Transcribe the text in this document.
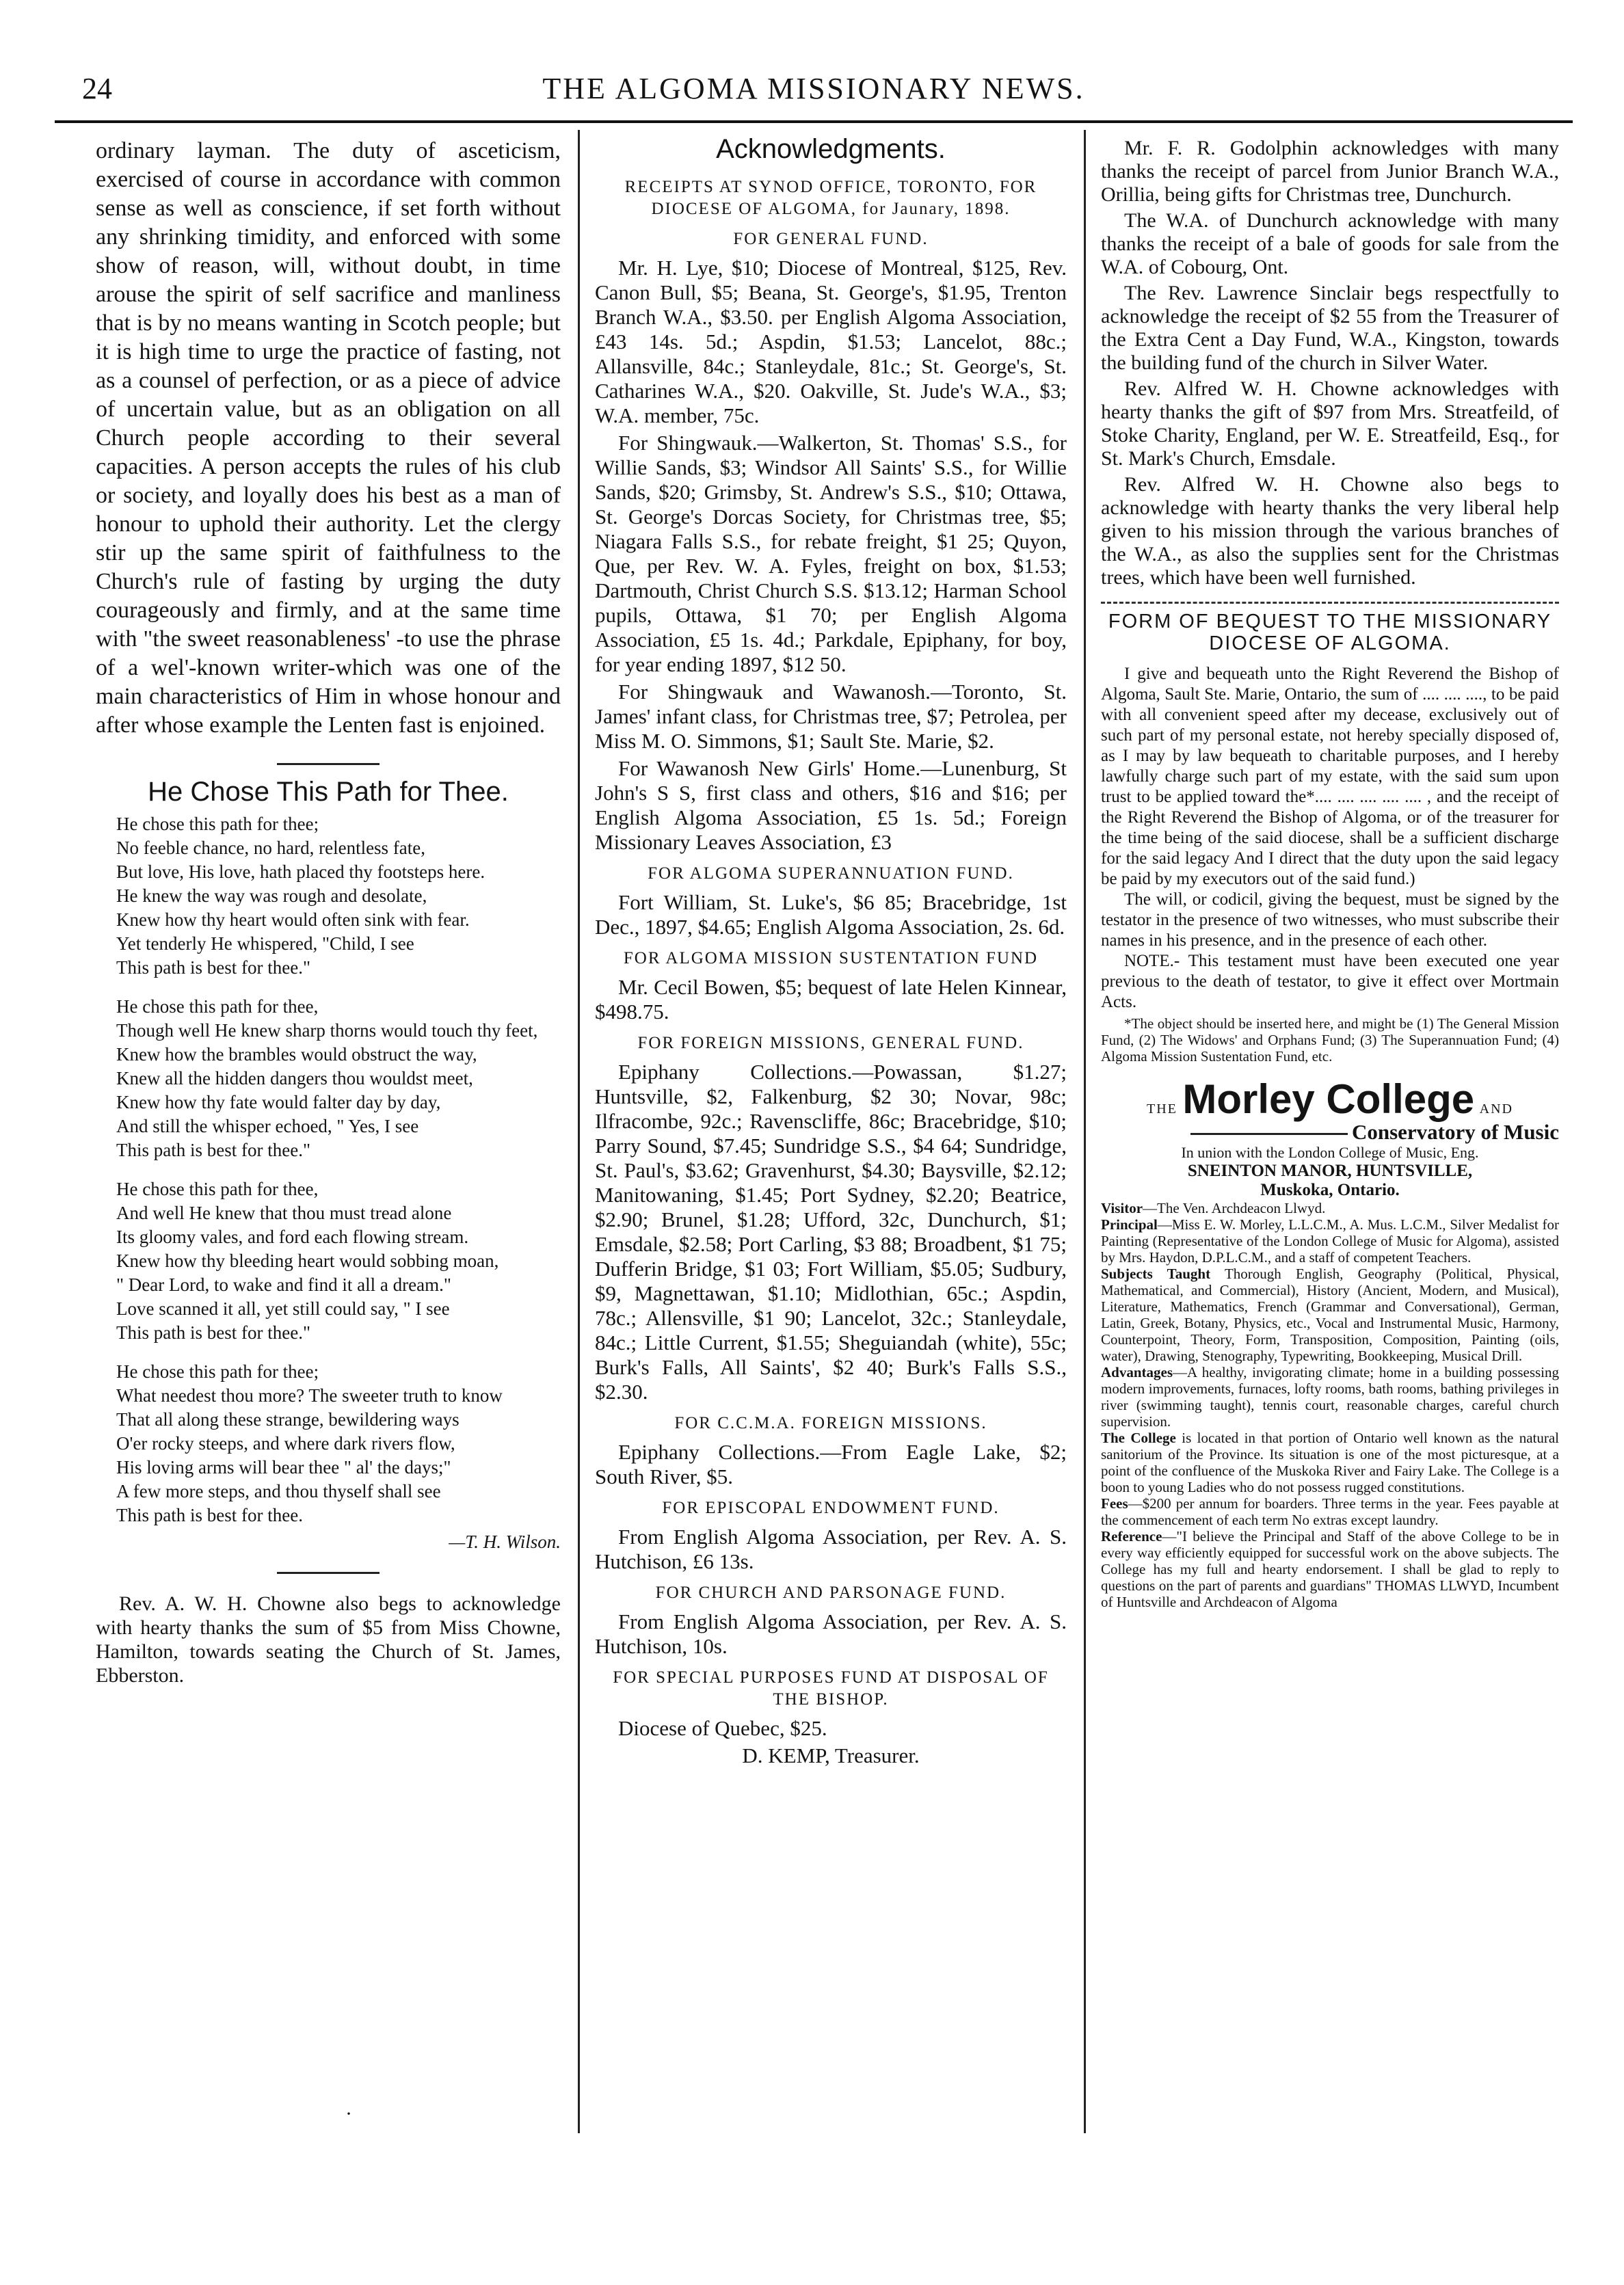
24	THE ALGOMA MISSIONARY NEWS.

ordinary layman. The duty of asceticism, exercised of course in accordance with common sense as well as conscience, if set forth without any shrinking timidity, and enforced with some show of reason, will, without doubt, in time arouse the spirit of self sacrifice and manliness that is by no means wanting in Scotch people; but it is high time to urge the practice of fasting, not as a counsel of perfection, or as a piece of advice of uncertain value, but as an obligation on all Church people according to their several capacities. A person accepts the rules of his club or society, and loyally does his best as a man of honour to uphold their authority. Let the clergy stir up the same spirit of faithfulness to the Church's rule of fasting by urging the duty courageously and firmly, and at the same time with "the sweet reasonableness' -to use the phrase of a wel'-known writer-which was one of the main characteristics of Him in whose honour and after whose example the Lenten fast is enjoined.

He Chose This Path for Thee.
He chose this path for thee;
No feeble chance, no hard, relentless fate,
But love, His love, hath placed thy footsteps here.
He knew the way was rough and desolate,
Knew how thy heart would often sink with fear.
Yet tenderly He whispered, "Child, I see
This path is best for thee."
He chose this path for thee,
Though well He knew sharp thorns would touch thy feet,
Knew how the brambles would obstruct the way,
Knew all the hidden dangers thou wouldst meet,
Knew how thy fate would falter day by day,
And still the whisper echoed, " Yes, I see
This path is best for thee."
He chose this path for thee,
And well He knew that thou must tread alone
Its gloomy vales, and ford each flowing stream.
Knew how thy bleeding heart would sobbing moan,
" Dear Lord, to wake and find it all a dream."
Love scanned it all, yet still could say, " I see
This path is best for thee."
He chose this path for thee;
What needest thou more? The sweeter truth to know
That all along these strange, bewildering ways
O'er rocky steeps, and where dark rivers flow,
His loving arms will bear thee " al' the days;"
A few more steps, and thou thyself shall see
This path is best for thee.
—T. H. Wilson.

Rev. A. W. H. Chowne also begs to acknowledge with hearty thanks the sum of $5 from Miss Chowne, Hamilton, towards seating the Church of St. James, Ebberston.

Acknowledgments.
RECEIPTS AT SYNOD OFFICE, TORONTO, FOR DIOCESE OF ALGOMA, for Jaunary, 1898.
FOR GENERAL FUND.

Mr. H. Lye, $10; Diocese of Montreal, $125, Rev. Canon Bull, $5; Beana, St. George's, $1.95, Trenton Branch W.A., $3.50. per English Algoma Association, £43 14s. 5d.; Aspdin, $1.53; Lancelot, 88c.; Allansville, 84c.; Stanleydale, 81c.; St. George's, St. Catharines W.A., $20. Oakville, St. Jude's W.A., $3; W.A. member, 75c.

For Shingwauk.—Walkerton, St. Thomas' S.S., for Willie Sands, $3; Windsor All Saints' S.S., for Willie Sands, $20; Grimsby, St. Andrew's S.S., $10; Ottawa, St. George's Dorcas Society, for Christmas tree, $5; Niagara Falls S.S., for rebate freight, $1 25; Quyon, Que, per Rev. W. A. Fyles, freight on box, $1.53; Dartmouth, Christ Church S.S. $13.12; Harman School pupils, Ottawa, $1 70; per English Algoma Association, £5 1s. 4d.; Parkdale, Epiphany, for boy, for year ending 1897, $12 50.

For Shingwauk and Wawanosh.—Toronto, St. James' infant class, for Christmas tree, $7; Petrolea, per Miss M. O. Simmons, $1; Sault Ste. Marie, $2.

For Wawanosh New Girls' Home.—Lunenburg, St John's S S, first class and others, $16 and $16; per English Algoma Association, £5 1s. 5d.; Foreign Missionary Leaves Association, £3

FOR ALGOMA SUPERANNUATION FUND.

Fort William, St. Luke's, $6 85; Bracebridge, 1st Dec., 1897, $4.65; English Algoma Association, 2s. 6d.

FOR ALGOMA MISSION SUSTENTATION FUND

Mr. Cecil Bowen, $5; bequest of late Helen Kinnear, $498.75.

FOR FOREIGN MISSIONS, GENERAL FUND.

Epiphany Collections.—Powassan, $1.27; Huntsville, $2, Falkenburg, $2 30; Novar, 98c; Ilfracombe, 92c.; Ravenscliffe, 86c; Bracebridge, $10; Parry Sound, $7.45; Sundridge S.S., $4 64; Sundridge, St. Paul's, $3.62; Gravenhurst, $4.30; Baysville, $2.12; Manitowaning, $1.45; Port Sydney, $2.20; Beatrice, $2.90; Brunel, $1.28; Ufford, 32c, Dunchurch, $1; Emsdale, $2.58; Port Carling, $3 88; Broadbent, $1 75; Dufferin Bridge, $1 03; Fort William, $5.05; Sudbury, $9, Magnettawan, $1.10; Midlothian, 65c.; Aspdin, 78c.; Allensville, $1 90; Lancelot, 32c.; Stanleydale, 84c.; Little Current, $1.55; Sheguiandah (white), 55c; Burk's Falls, All Saints', $2 40; Burk's Falls S.S., $2.30.

FOR C.C.M.A. FOREIGN MISSIONS.

Epiphany Collections.—From Eagle Lake, $2; South River, $5.

FOR EPISCOPAL ENDOWMENT FUND.

From English Algoma Association, per Rev. A. S. Hutchison, £6 13s.

FOR CHURCH AND PARSONAGE FUND.

From English Algoma Association, per Rev. A. S. Hutchison, 10s.

FOR SPECIAL PURPOSES FUND AT DISPOSAL OF THE BISHOP.

Diocese of Quebec, $25.

D. KEMP, Treasurer.

Mr. F. R. Godolphin acknowledges with many thanks the receipt of parcel from Junior Branch W.A., Orillia, being gifts for Christmas tree, Dunchurch.

The W.A. of Dunchurch acknowledge with many thanks the receipt of a bale of goods for sale from the W.A. of Cobourg, Ont.

The Rev. Lawrence Sinclair begs respectfully to acknowledge the receipt of $2 55 from the Treasurer of the Extra Cent a Day Fund, W.A., Kingston, towards the building fund of the church in Silver Water.

Rev. Alfred W. H. Chowne acknowledges with hearty thanks the gift of $97 from Mrs. Streatfeild, of Stoke Charity, England, per W. E. Streatfeild, Esq., for St. Mark's Church, Emsdale.

Rev. Alfred W. H. Chowne also begs to acknowledge with hearty thanks the very liberal help given to his mission through the various branches of the W.A., as also the supplies sent for the Christmas trees, which have been well furnished.

FORM OF BEQUEST TO THE MISSIONARY DIOCESE OF ALGOMA.

I give and bequeath unto the Right Reverend the Bishop of Algoma, Sault Ste. Marie, Ontario, the sum of .... .... ...., to be paid with all convenient speed after my decease, exclusively out of such part of my personal estate, not hereby specially disposed of, as I may by law bequeath to charitable purposes, and I hereby lawfully charge such part of my estate, with the said sum upon trust to be applied toward the*.... .... .... .... .... , and the receipt of the Right Reverend the Bishop of Algoma, or of the treasurer for the time being of the said diocese, shall be a sufficient discharge for the said legacy And I direct that the duty upon the said legacy be paid by my executors out of the said fund.)

The will, or codicil, giving the bequest, must be signed by the testator in the presence of two witnesses, who must subscribe their names in his presence, and in the presence of each other.

NOTE.- This testament must have been executed one year previous to the death of testator, to give it effect over Mortmain Acts.

*The object should be inserted here, and might be (1) The General Mission Fund, (2) The Widows' and Orphans Fund; (3) The Superannuation Fund; (4) Algoma Mission Sustentation Fund, etc.

THE Morley College AND
Conservatory of Music
In union with the London College of Music, Eng.
SNEINTON MANOR, HUNTSVILLE,
Muskoka, Ontario.
Visitor—The Ven. Archdeacon Llwyd.
Principal—Miss E. W. Morley, L.L.C.M., A. Mus. L.C.M., Silver Medalist for Painting (Representative of the London College of Music for Algoma), assisted by Mrs. Haydon, D.P.L.C.M., and a staff of competent Teachers.
Subjects Taught Thorough English, Geography (Political, Physical, Mathematical, and Commercial), History (Ancient, Modern, and Musical), Literature, Mathematics, French (Grammar and Conversational), German, Latin, Greek, Botany, Physics, etc., Vocal and Instrumental Music, Harmony, Counterpoint, Theory, Form, Transposition, Composition, Painting (oils, water), Drawing, Stenography, Typewriting, Bookkeeping, Musical Drill.
Advantages—A healthy, invigorating climate; home in a building possessing modern improvements, furnaces, lofty rooms, bath rooms, bathing privileges in river (swimming taught), tennis court, reasonable charges, careful church supervision.
The College is located in that portion of Ontario well known as the natural sanitorium of the Province. Its situation is one of the most picturesque, at a point of the confluence of the Muskoka River and Fairy Lake. The College is a boon to young Ladies who do not possess rugged constitutions.
Fees—$200 per annum for boarders. Three terms in the year. Fees payable at the commencement of each term No extras except laundry.
Reference—"I believe the Principal and Staff of the above College to be in every way efficiently equipped for successful work on the above subjects. The College has my full and hearty endorsement. I shall be glad to reply to questions on the part of parents and guardians" THOMAS LLWYD, Incumbent of Huntsville and Archdeacon of Algoma
·
